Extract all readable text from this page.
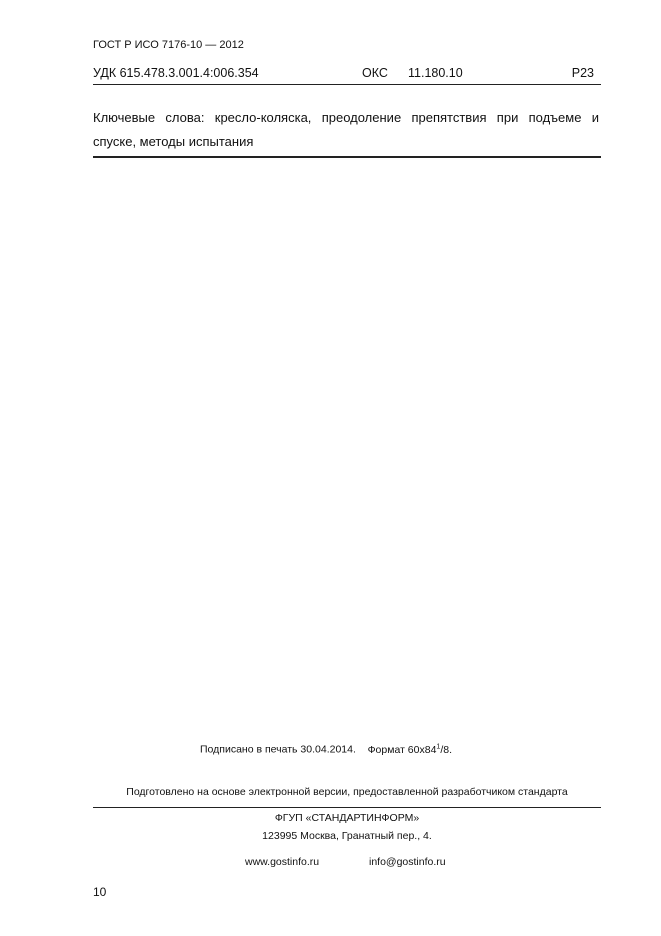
ГОСТ Р ИСО 7176-10 — 2012
УДК 615.478.3.001.4:006.354	ОКС 11.180.10	Р23
Ключевые слова: кресло-коляска, преодоление препятствия при подъеме и
спуске, методы испытания
Подписано в печать 30.04.2014. Формат $60x84^1/8$.
Подготовлено на основе электронной версии, предоставленной разработчиком стандарта
ФГУП «СТАНДАРТИНФОРМ»
123995 Москва, Гранатный пер., 4.
www.gostinfo.ru	info@gostinfo.ru
10
